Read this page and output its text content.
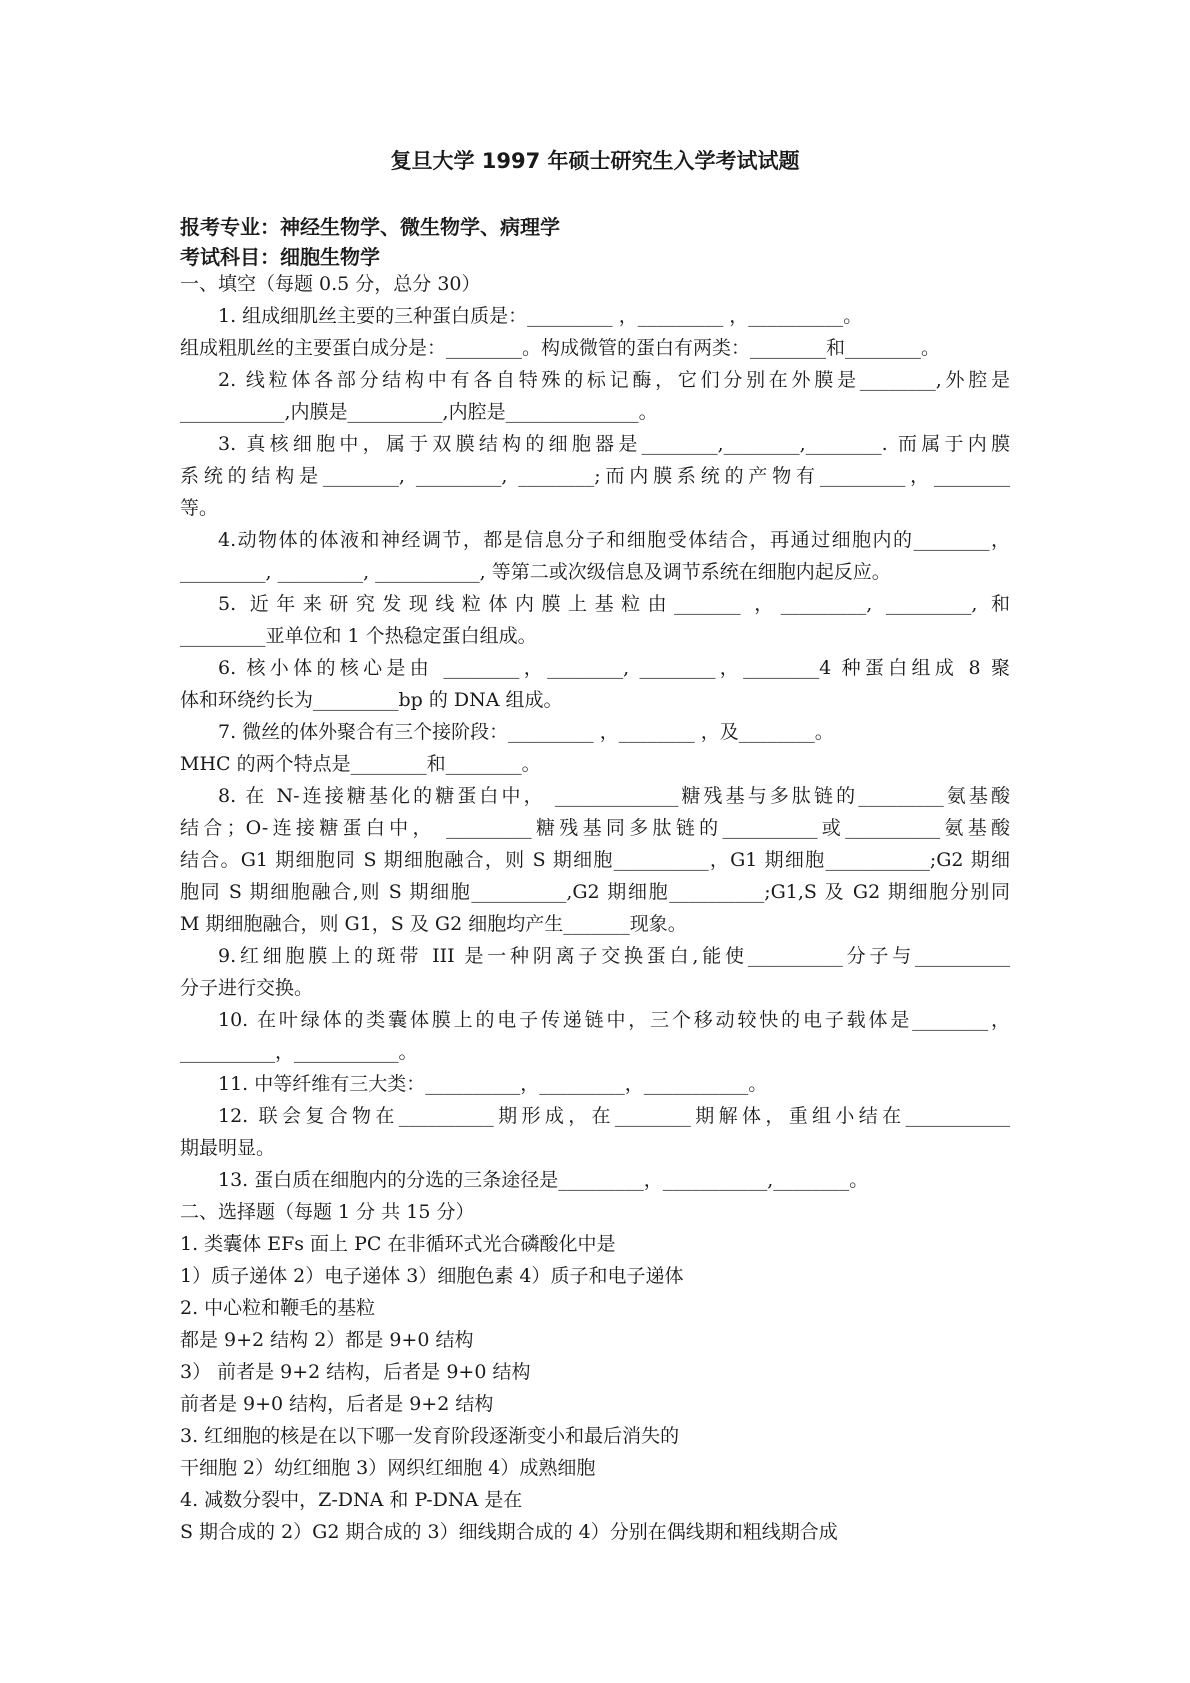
复旦大学 1997 年硕士研究生入学考试试题
报考专业：神经生物学、微生物学、病理学
考试科目：细胞生物学
一、填空（每题 0.5 分，总分 30）
1. 组成细肌丝主要的三种蛋白质是：_________ ，_________ ，__________。
组成粗肌丝的主要蛋白成分是：________。构成微管的蛋白有两类：________和________。
2. 线粒体各部分结构中有各自特殊的标记酶，它们分别在外膜是________,外腔是
___________,内膜是__________,内腔是______________。
3. 真核细胞中，属于双膜结构的细胞器是________,________,________. 而属于内膜
系统的结构是________, _________, ________;而内膜系统的产物有_________，________
等。
4.动物体的体液和神经调节，都是信息分子和细胞受体结合，再通过细胞内的________，
_________, _________, ___________, 等第二或次级信息及调节系统在细胞内起反应。
5. 近年来研究发现线粒体内膜上基粒由_______ ，_________, _________, 和
_________亚单位和 1 个热稳定蛋白组成。
6. 核小体的核心是由 ________，________, ________，________4 种蛋白组成 8 聚
体和环绕约长为_________bp 的 DNA 组成。
7. 微丝的体外聚合有三个接阶段：_________ ，________ ，及________。
MHC 的两个特点是________和________。
8. 在 N-连接糖基化的糖蛋白中， _____________糖残基与多肽链的_________氨基酸
结合；O-连接糖蛋白中， _________糖残基同多肽链的__________或__________氨基酸
结合。G1 期细胞同 S 期细胞融合，则 S 期细胞__________，G1 期细胞___________;G2 期细
胞同 S 期细胞融合,则 S 期细胞__________,G2 期细胞__________;G1,S 及 G2 期细胞分别同
M 期细胞融合，则 G1，S 及 G2 细胞均产生_______现象。
9.红细胞膜上的斑带 III 是一种阴离子交换蛋白,能使__________分子与__________
分子进行交换。
10. 在叶绿体的类囊体膜上的电子传递链中，三个移动较快的电子载体是________，
__________，___________。
11. 中等纤维有三大类：__________，_________，___________。
12. 联会复合物在__________期形成，在________期解体，重组小结在___________
期最明显。
13. 蛋白质在细胞内的分选的三条途径是_________，___________,________。
二、选择题（每题 1 分 共 15 分）
1. 类囊体 EFs 面上 PC 在非循环式光合磷酸化中是
1）质子递体 2）电子递体 3）细胞色素 4）质子和电子递体
2. 中心粒和鞭毛的基粒
都是 9+2 结构 2）都是 9+0 结构
3） 前者是 9+2 结构，后者是 9+0 结构
前者是 9+0 结构，后者是 9+2 结构
3. 红细胞的核是在以下哪一发育阶段逐渐变小和最后消失的
干细胞 2）幼红细胞 3）网织红细胞 4）成熟细胞
4. 减数分裂中，Z-DNA 和 P-DNA 是在
S 期合成的 2）G2 期合成的 3）细线期合成的 4）分别在偶线期和粗线期合成
